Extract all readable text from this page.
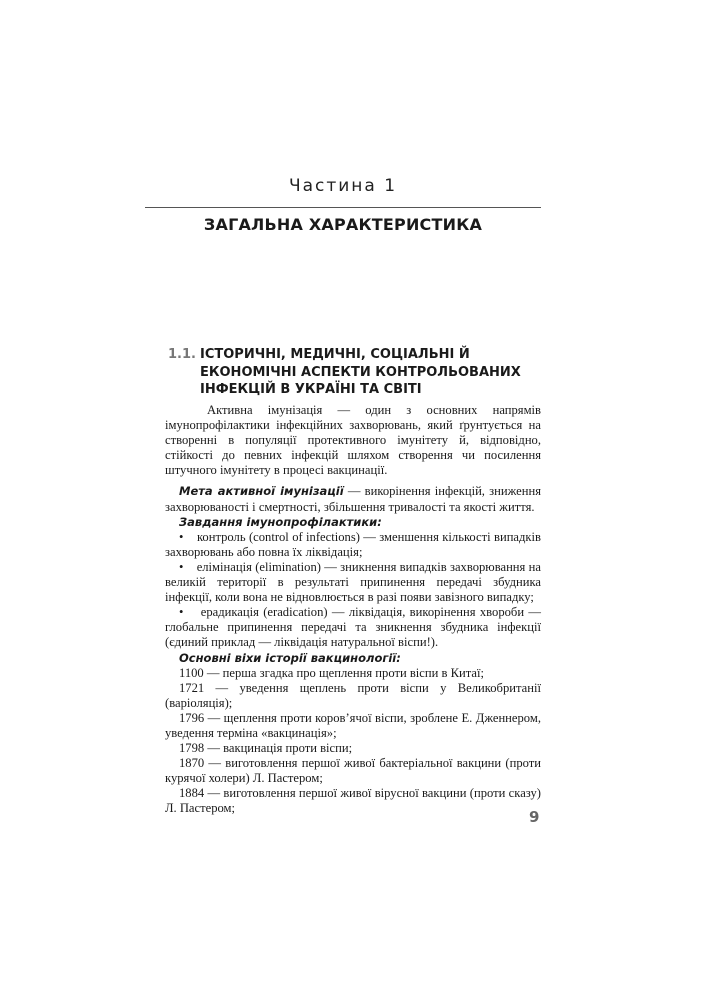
Частина 1
ЗАГАЛЬНА ХАРАКТЕРИСТИКА
1.1. ІСТОРИЧНІ, МЕДИЧНІ, СОЦІАЛЬНІ Й ЕКОНОМІЧНІ АСПЕКТИ КОНТРОЛЬОВАНИХ ІНФЕКЦІЙ В УКРАЇНІ ТА СВІТІ

Активна імунізація — один з основних напрямів імунопрофілактики інфекційних захворювань, який ґрунтується на створенні в популяції протективного імунітету й, відповідно, стійкості до певних інфекцій шляхом створення чи посилення штучного імунітету в процесі вакцинації.

Мета активної імунізації — викорінення інфекцій, зниження захворюваності і смертності, збільшення тривалості та якості життя.

Завдання імунопрофілактики:

•    контроль (control of infections) — зменшення кількості випадків захворювань або повна їх ліквідація;

•    елімінація (elimination) — зникнення випадків захворювання на великій території в результаті припинення передачі збудника інфекції, коли вона не відновлюється в разі появи завізного випадку;

•    ерадикація (eradication) — ліквідація, викорінення хвороби — глобальне припинення передачі та зникнення збудника інфекції (єдиний приклад — ліквідація натуральної віспи!).

Основні віхи історії вакцинології:

1100 — перша згадка про щеплення проти віспи в Китаї;

1721 — уведення щеплень проти віспи у Великобританії (варіоляція);

1796 — щеплення проти коров’ячої віспи, зроблене Е. Дженнером, уведення терміна «вакцинація»;

1798 — вакцинація проти віспи;

1870 — виготовлення першої живої бактеріальної вакцини (проти курячої холери) Л. Пастером;

1884 — виготовлення першої живої вірусної вакцини (проти сказу) Л. Пастером;	9
